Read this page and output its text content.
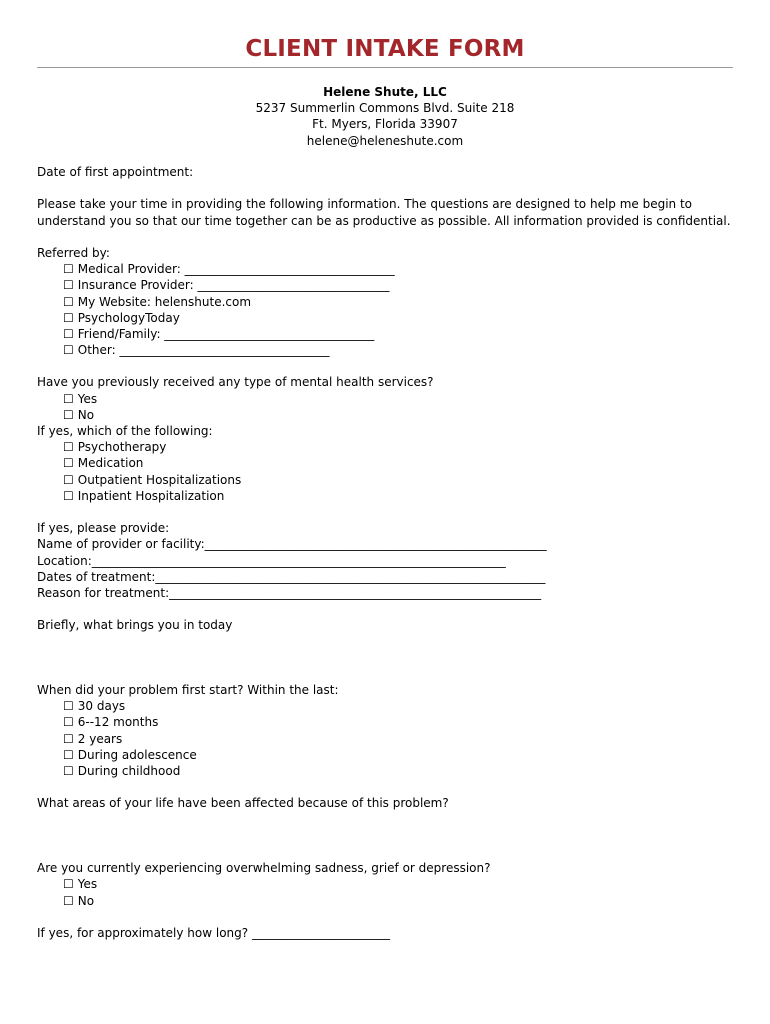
CLIENT INTAKE FORM
Helene Shute, LLC
5237 Summerlin Commons Blvd. Suite 218
Ft. Myers, Florida 33907
helene@heleneshute.com
Date of first appointment:
Please take your time in providing the following information. The questions are designed to help me begin to understand you so that our time together can be as productive as possible. All information provided is confidential.
Referred by:
☐ Medical Provider: ___________________________________
☐ Insurance Provider: ________________________________
☐ My Website: helenshute.com
☐ PsychologyToday
☐ Friend/Family: ___________________________________
☐ Other: ___________________________________
Have you previously received any type of mental health services?
☐ Yes
☐ No
If yes, which of the following:
☐ Psychotherapy
☐ Medication
☐ Outpatient Hospitalizations
☐ Inpatient Hospitalization
If yes, please provide:
Name of provider or facility:_________________________________________________________
Location:_____________________________________________________________________
Dates of treatment:_________________________________________________________________
Reason for treatment:______________________________________________________________
Briefly, what brings you in today
When did your problem first start? Within the last:
☐ 30 days
☐ 6--12 months
☐ 2 years
☐ During adolescence
☐ During childhood
What areas of your life have been affected because of this problem?
Are you currently experiencing overwhelming sadness, grief or depression?
☐ Yes
☐ No
If yes, for approximately how long? _______________________
